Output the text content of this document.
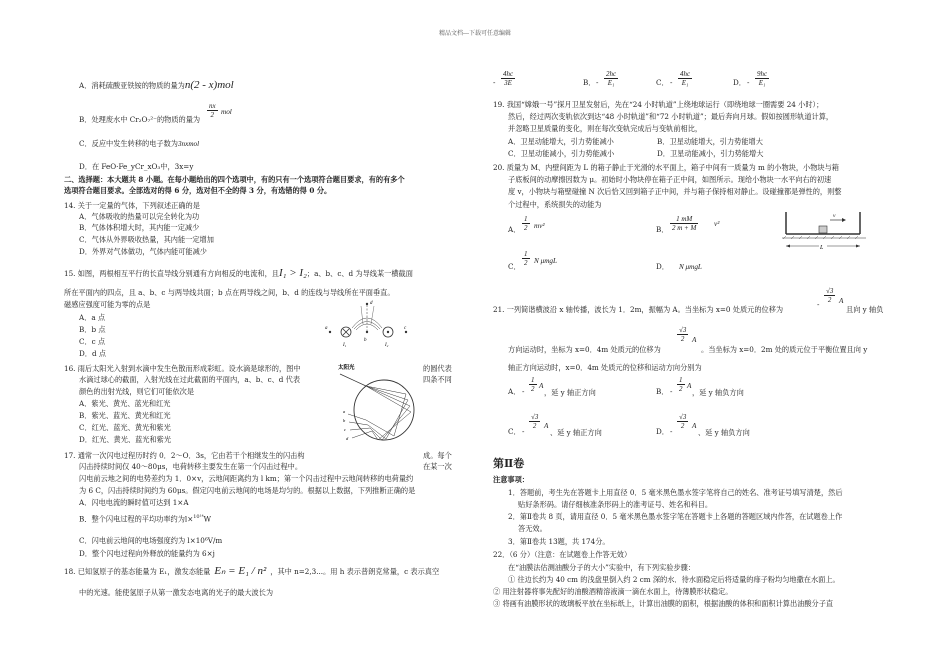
精品文档---下载可任意编辑
A．消耗硫酸亚铁铵的物质的量为n(2 - x)mol
B．处理废水中 Cr₂O₇²⁻的物质的量为
$\frac{nx}{2}$ mol
C．反应中发生转移的电子数为3nxmol
D．在 FeO·Fe_yCr_xO₃中，3x=y
二、选择题：本大题共 8 小题。在每小题给出的四个选项中，有的只有一个选项符合题目要求，有的有多个
选项符合题目要求。全部选对的得 6 分，选对但不全的得 3 分，有选错的得 0 分。
14. 关于一定量的气体，下列叙述正确的是
A．气体吸收的热量可以完全转化为功
B．气体体积增大时，其内能一定减少
C．气体从外界吸收热量，其内能一定增加
D．外界对气体做功，气体内能可能减少
15. 如图，两根相互平行的长直导线分别通有方向相反的电流和，且I₁ > I₂；a、b、c、d 为导线某一横截面
所在平面内的四点，且 a、b、c 与两导线共面；b 点在两导线之间，b、d 的连线与导线所在平面垂直。
磁感应强度可能为零的点是
A．a 点
B．b 点
C．c 点
D．d 点
a
b
c
d
I₁	I₂
16. 雨后太阳光入射到水滴中发生色散而形成彩虹。设水滴是球形的，图中	的圆代表
水滴过球心的截面，入射光线在过此截面的平面内，a、b、c、d 代表	四条不同
颜色的出射光线，则它们可能依次是
A．紫光、黄光、蓝光和红光
B．紫光、蓝光、黄光和红光
C．红光、蓝光、黄光和紫光
D．红光、黄光、蓝光和紫光
太阳光
a
b
c
d
17. 通常一次闪电过程历时约 0．2～O．3s，它由若干个相继发生的闪击构	成。每个
闪击持续时间仅 40～80μs，电荷转移主要发生在第一个闪击过程中。	在某一次
闪电前云地之间的电势差约为 1．0×v，云地间距离约为 l km；第一个闪击过程中云地间转移的电荷量约
为 6 C，闪击持续时间约为 60μs。假定闪电前云地间的电场是均匀的。根据以上数据，下列推断正确的是
A．闪电电流的瞬时值可达到 1×A
B．整个闪电过程的平均功率约为l×$^{10^{14}}$W
C．闪电前云地间的电场强度约为 l×10⁶V/m
D．整个闪电过程向外释放的能量约为 6×j
18. 已知氢原子的基态能量为 E₁，激发态能量 Eₙ = E₁ / n² ，其中 n=2,3...。用 h 表示普朗克常量，c 表示真空
中的光速。能使氢原子从第一激发态电离的光子的最大波长为
- $\frac{4hc}{3E}$	B． - $\frac{2hc}{\text{E₁}}$	C． - $\frac{4hc}{\text{E₁}}$	D． - $\frac{9hc}{\text{E₁}}$
19. 我国“嫦娥一号”探月卫星发射后，先在“24 小时轨道”上绕地球运行（即绕地球一圈需要 24 小时）；
然后，经过两次变轨依次到达“48 小时轨道”和“72 小时轨道”；最后奔向月球。假如按圆形轨道计算，
并忽略卫星质量的变化，则在每次变轨完成后与变轨前相比，
A．卫星动能增大，引力势能减小	B．卫星动能增大，引力势能增大
C．卫星动能减小，引力势能减小	D．卫星动能减小，引力势能增大
20. 质量为 M、内壁间距为 L 的箱子静止于光滑的水平面上，箱子中间有一质量为 m 的小物块，小物块与箱
子底板间的动摩擦因数为 μ。初始时小物块停在箱子正中间，如图所示。现给小物块一水平向右的初速
度 v，小物块与箱壁碰撞 N 次后恰又回到箱子正中间，并与箱子保持相对静止。设碰撞都是弹性的，则整
个过程中，系统损失的动能为
A． $\frac{1}{2} mv^2$	B． $\frac{1 mM}{2 m + M} v^2$
C． $\frac{1}{2}$ N μmgL
D． N μmgL
v
L
21. 一列简谐横波沿 x 轴传播，波长为 1．2m，振幅为 A。当坐标为 x=0 处质元的位移为
-
$\frac{√3}{2}$ A
且向 y 轴负
方向运动时，坐标为 x=0．4m 处质元的位移为
$\frac{√3}{2}$ A
。当坐标为 x=0．2m 处的质元位于平衡位置且向 y
轴正方向运动时，x=0．4m 处质元的位移和运动方向分别为
A． - $\frac{1}{2}$ A
，延 y 轴正方向	B． - $\frac{1}{2}$ A
，延 y 轴负方向
C． -
$\frac{√3}{2}$ A
、延 y 轴正方向	D． -
$\frac{√3}{2}$ A
、延 y 轴负方向
第Ⅱ卷
注意事项：
1．答题前，考生先在答题卡上用直径 0．5 毫米黑色墨水签字笔将自己的姓名、准考证号填写清楚，然后
贴好条形码。请仔细核准条形码上的准考证号、姓名和科目。
2．第Ⅱ卷共 8 页，请用直径 0．5 毫米黑色墨水签字笔在答题卡上各题的答题区域内作答，在试题卷上作
答无效。
3．第Ⅱ卷共 13题，共 174分。
22．（6 分）（注意：在试题卷上作答无效）
在“油膜法估测油酸分子的大小”实验中，有下列实验步骤：
① 往边长约为 40 cm 的浅盘里倒入约 2 cm 深的水．待水面稳定后将适量的痱子粉均匀地撒在水面上。
② 用注射器将事先配好的油酸酒精溶液滴一滴在水面上，待薄膜形状稳定。
③ 将画有油膜形状的玻璃板平放在坐标纸上，计算出油膜的面积，根据油酸的体积和面积计算出油酸分子直
